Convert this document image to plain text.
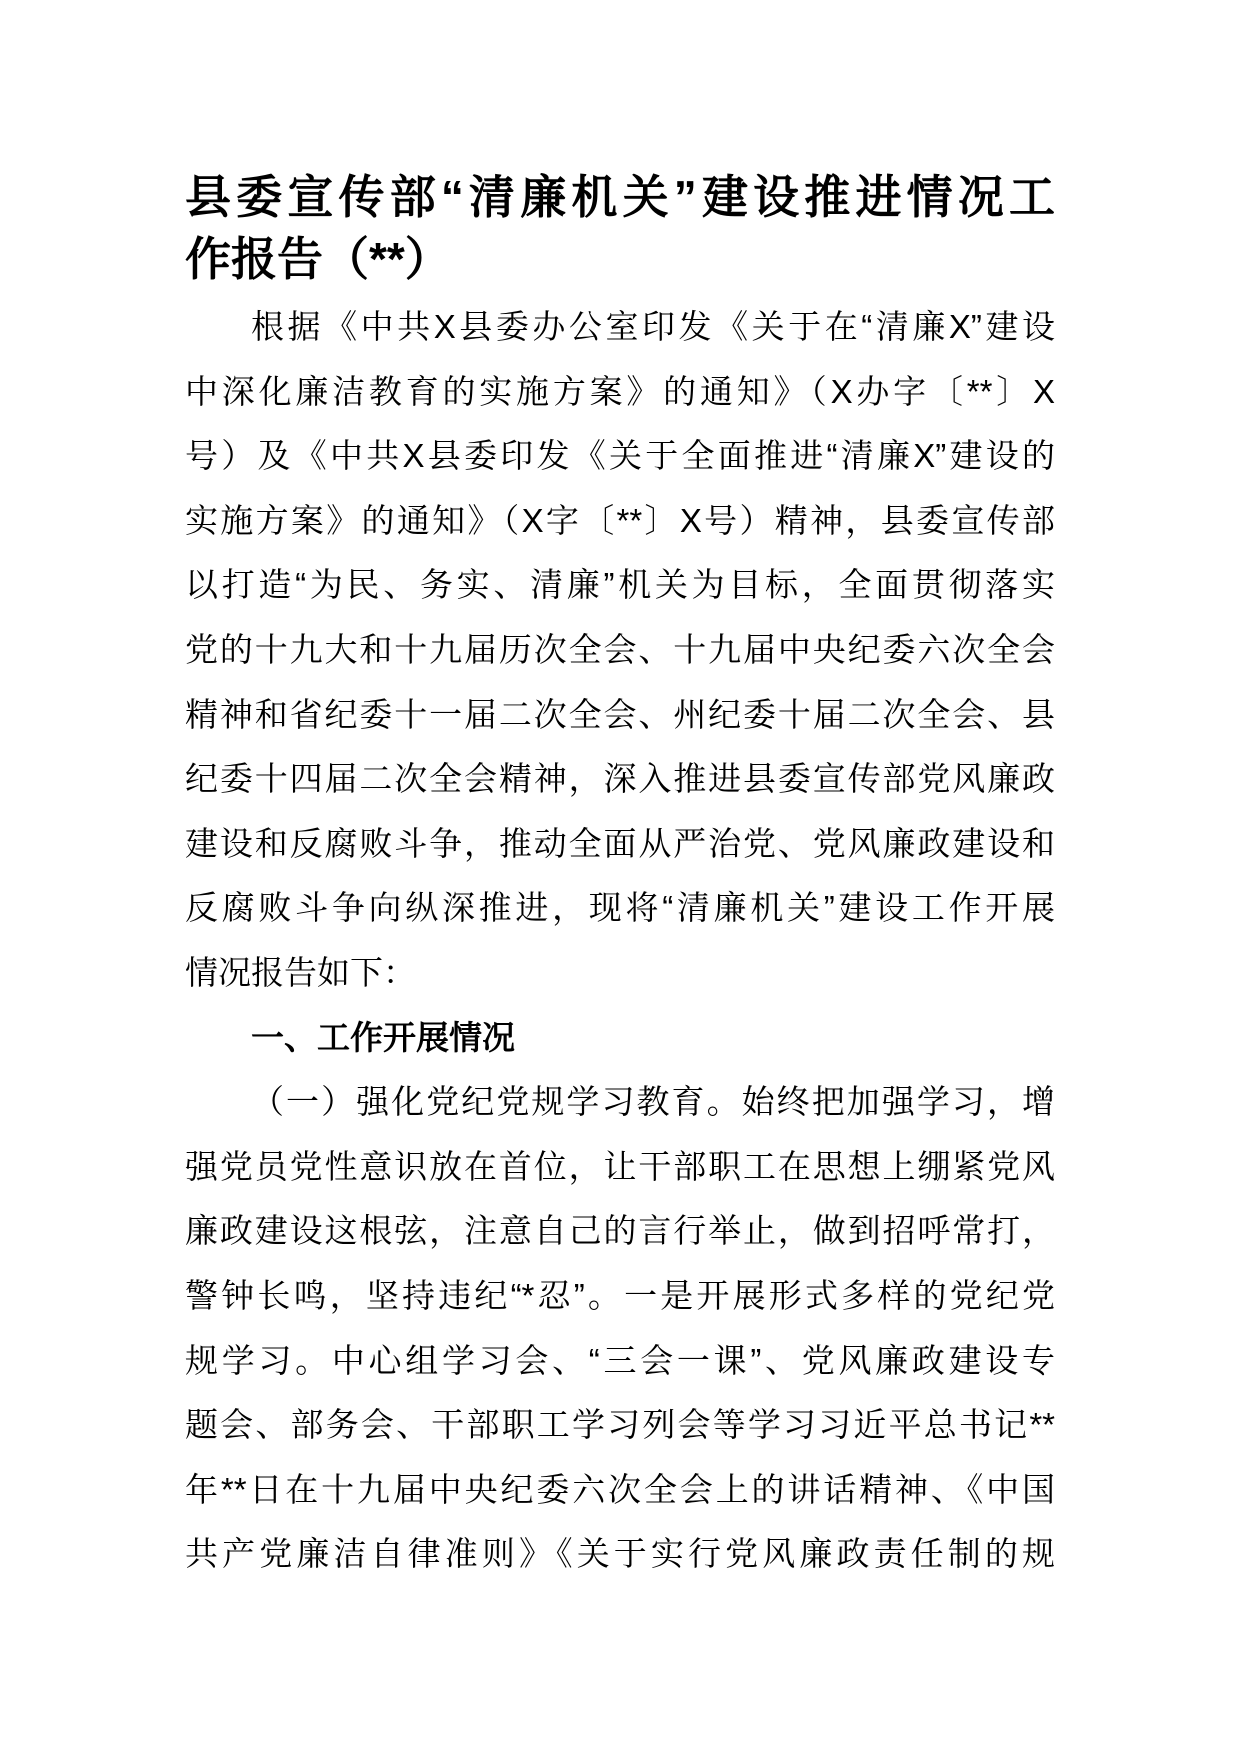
县委宣传部“清廉机关”建设推进情况工
作报告（**）
根据《中共X县委办公室印发《关于在“清廉X”建设
中深化廉洁教育的实施方案》的通知》（X办字〔**〕X
号）及《中共X县委印发《关于全面推进“清廉X”建设的
实施方案》的通知》（X字〔**〕X号）精神，县委宣传部
以打造“为民、务实、清廉”机关为目标，全面贯彻落实
党的十九大和十九届历次全会、十九届中央纪委六次全会
精神和省纪委十一届二次全会、州纪委十届二次全会、县
纪委十四届二次全会精神，深入推进县委宣传部党风廉政
建设和反腐败斗争，推动全面从严治党、党风廉政建设和
反腐败斗争向纵深推进，现将“清廉机关”建设工作开展
情况报告如下：
一、工作开展情况
（一）强化党纪党规学习教育。始终把加强学习，增
强党员党性意识放在首位，让干部职工在思想上绷紧党风
廉政建设这根弦，注意自己的言行举止，做到招呼常打，
警钟长鸣，坚持违纪“*忍”。一是开展形式多样的党纪党
规学习。中心组学习会、“三会一课”、党风廉政建设专
题会、部务会、干部职工学习列会等学习习近平总书记**
年**日在十九届中央纪委六次全会上的讲话精神、《中国
共产党廉洁自律准则》《关于实行党风廉政责任制的规
